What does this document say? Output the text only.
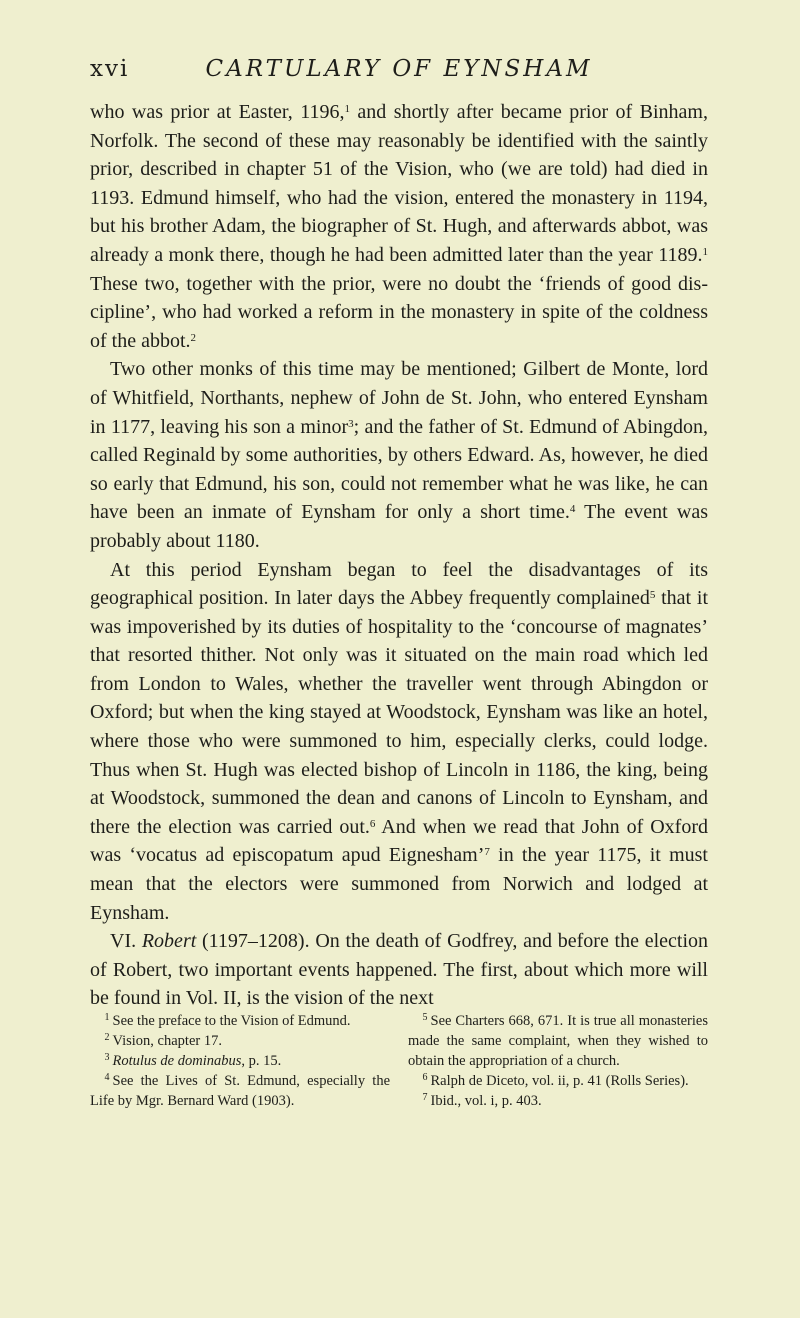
xvi	CARTULARY OF EYNSHAM

who was prior at Easter, 1196,$^1$ and shortly after became prior of Binham, Norfolk. The second of these may reasonably be identified with the saintly prior, described in chapter 51 of the Vision, who (we are told) had died in 1193. Edmund himself, who had the vision, entered the monastery in 1194, but his brother Adam, the biographer of St. Hugh, and afterwards abbot, was already a monk there, though he had been admitted later than the year 1189.$^1$ These two, together with the prior, were no doubt the ‘friends of good discipline’, who had worked a reform in the monastery in spite of the coldness of the abbot.$^2$

 Two other monks of this time may be mentioned; Gilbert de Monte, lord of Whitfield, Northants, nephew of John de St. John, who entered Eynsham in 1177, leaving his son a minor$^3$; and the father of St. Edmund of Abingdon, called Reginald by some authorities, by others Edward. As, however, he died so early that Edmund, his son, could not remember what he was like, he can have been an inmate of Eynsham for only a short time.$^4$ The event was probably about 1180.

 At this period Eynsham began to feel the disadvantages of its geographical position. In later days the Abbey frequently complained$^5$ that it was impoverished by its duties of hospitality to the ‘concourse of magnates’ that resorted thither. Not only was it situated on the main road which led from London to Wales, whether the traveller went through Abingdon or Oxford; but when the king stayed at Woodstock, Eynsham was like an hotel, where those who were summoned to him, especially clerks, could lodge. Thus when St. Hugh was elected bishop of Lincoln in 1186, the king, being at Woodstock, summoned the dean and canons of Lincoln to Eynsham, and there the election was carried out.$^6$ And when we read that John of Oxford was ‘vocatus ad episcopatum apud Eignesham’$^7$ in the year 1175, it must mean that the electors were summoned from Norwich and lodged at Eynsham.

 VI. Robert (1197–1208). On the death of Godfrey, and before the election of Robert, two important events happened. The first, about which more will be found in Vol. II, is the vision of the next

 $^1$ See the preface to the Vision of Edmund.
 $^2$ Vision, chapter 17.
 $^3$ Rotulus de dominabus, p. 15.
 $^4$ See the Lives of St. Edmund, especially the Life by Mgr. Bernard Ward (1903).
 $^5$ See Charters 668, 671. It is true all monasteries made the same complaint, when they wished to obtain the appropriation of a church.
 $^6$ Ralph de Diceto, vol. ii, p. 41 (Rolls Series).
 $^7$ Ibid., vol. i, p. 403.
